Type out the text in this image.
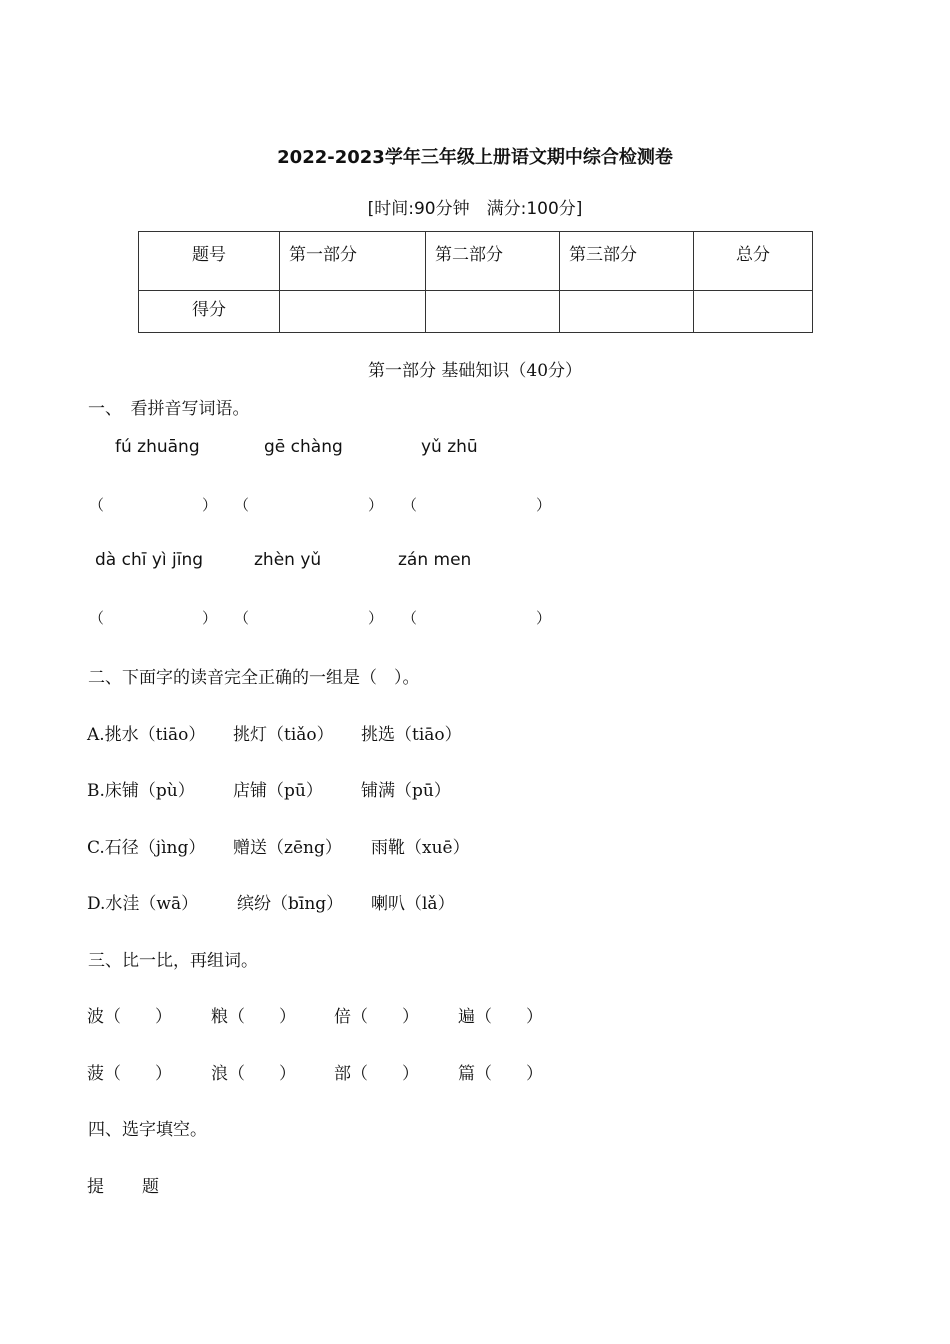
2022-2023学年三年级上册语文期中综合检测卷
[时间:90分钟　满分:100分]
题号	第一部分	第二部分	第三部分	总分
得分				
第一部分 基础知识（40分）
一、　看拼音写词语。
fú zhuāng	gē chàng	yǔ zhū
（	） （	） （	）
dà chī yì jīng	zhèn yǔ	zán men
（	） （	） （	）
二、下面字的读音完全正确的一组是（　）。
A.挑水（tiāo） 挑灯（tiǎo） 挑选（tiāo）
B.床铺（pù） 店铺（pū） 铺满（pū）
C.石径（jìng） 赠送（zēng） 雨靴（xuē）
D.水洼（wā） 缤纷（bīng） 喇叭（lǎ）
三、比一比，再组词。
波（　　） 粮（　　） 倍（　　） 遍（　　）
菠（　　） 浪（　　） 部（　　） 篇（　　）
四、选字填空。
提 题
